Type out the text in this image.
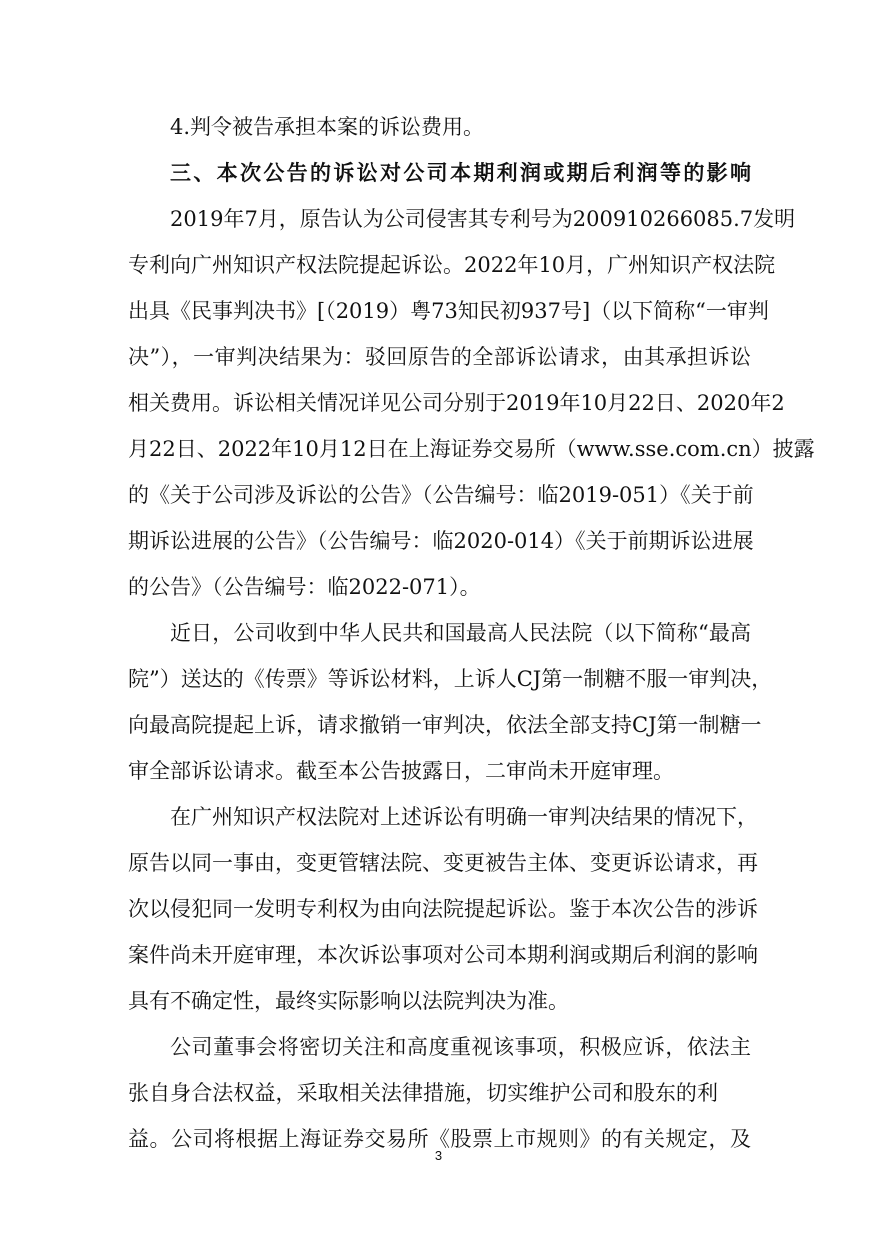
4.判令被告承担本案的诉讼费用。
三、本次公告的诉讼对公司本期利润或期后利润等的影响
2019年7月，原告认为公司侵害其专利号为200910266085.7发明
专利向广州知识产权法院提起诉讼。2022年10月，广州知识产权法院
出具《民事判决书》[（2019）粤73知民初937号]（以下简称“一审判
决”），一审判决结果为：驳回原告的全部诉讼请求，由其承担诉讼
相关费用。诉讼相关情况详见公司分别于2019年10月22日、2020年2
月22日、2022年10月12日在上海证券交易所（www.sse.com.cn）披露
的《关于公司涉及诉讼的公告》（公告编号：临2019-051）《关于前
期诉讼进展的公告》（公告编号：临2020-014）《关于前期诉讼进展
的公告》（公告编号：临2022-071）。
近日，公司收到中华人民共和国最高人民法院（以下简称“最高
院”）送达的《传票》等诉讼材料，上诉人CJ第一制糖不服一审判决，
向最高院提起上诉，请求撤销一审判决，依法全部支持CJ第一制糖一
审全部诉讼请求。截至本公告披露日，二审尚未开庭审理。
在广州知识产权法院对上述诉讼有明确一审判决结果的情况下，
原告以同一事由，变更管辖法院、变更被告主体、变更诉讼请求，再
次以侵犯同一发明专利权为由向法院提起诉讼。鉴于本次公告的涉诉
案件尚未开庭审理，本次诉讼事项对公司本期利润或期后利润的影响
具有不确定性，最终实际影响以法院判决为准。
公司董事会将密切关注和高度重视该事项，积极应诉，依法主
张自身合法权益，采取相关法律措施，切实维护公司和股东的利
益。公司将根据上海证券交易所《股票上市规则》的有关规定，及
3
